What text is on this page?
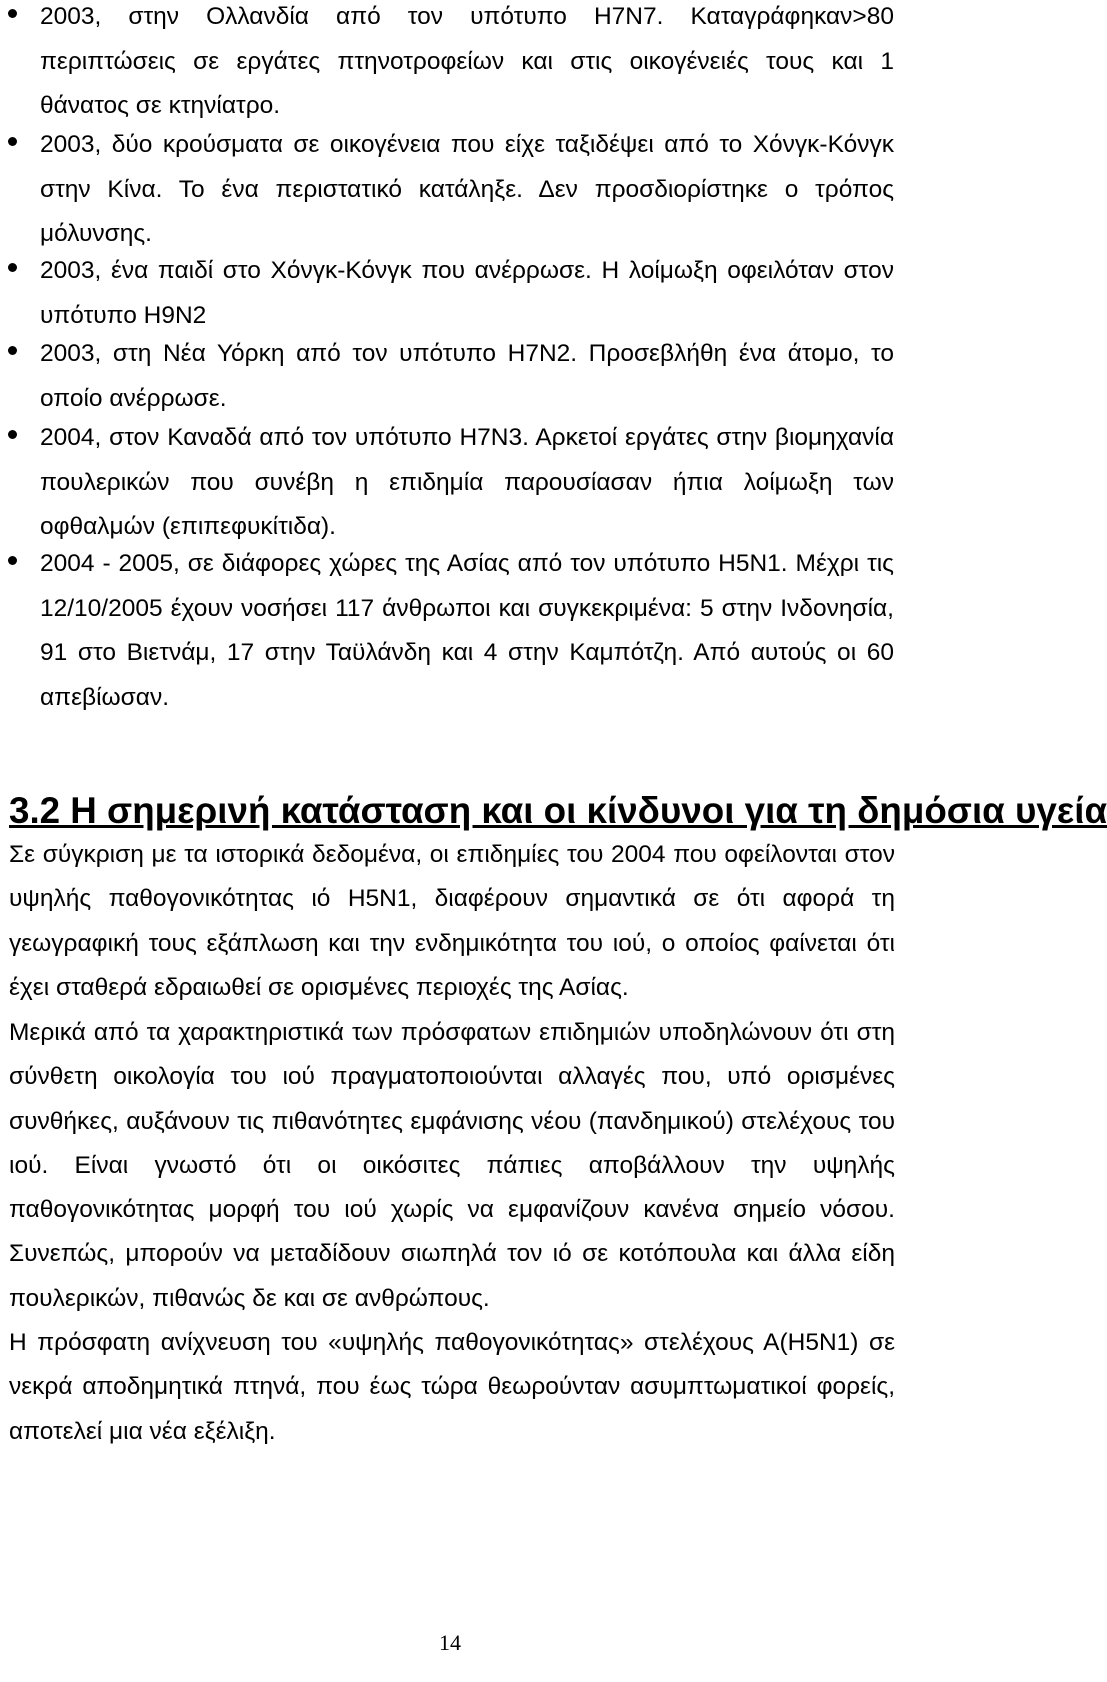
2003, στην Ολλανδία από τον υπότυπο Η7Ν7. Καταγράφηκαν>80 περιπτώσεις σε εργάτες πτηνοτροφείων και στις οικογένειές τους και 1 θάνατος σε κτηνίατρο.

2003, δύο κρούσματα σε οικογένεια που είχε ταξιδέψει από το Χόνγκ-Κόνγκ στην Κίνα. Το ένα περιστατικό κατάληξε. Δεν προσδιορίστηκε ο τρόπος μόλυνσης.

2003, ένα παιδί στο Χόνγκ-Κόνγκ που ανέρρωσε. Η λοίμωξη οφειλόταν στον υπότυπο Η9Ν2

2003, στη Νέα Υόρκη από τον υπότυπο Η7Ν2. Προσεβλήθη ένα άτομο, το οποίο ανέρρωσε.

2004, στον Καναδά από τον υπότυπο Η7Ν3. Αρκετοί εργάτες στην βιομηχανία πουλερικών που συνέβη η επιδημία παρουσίασαν ήπια λοίμωξη των οφθαλμών (επιπεφυκίτιδα).

2004 - 2005, σε διάφορες χώρες της Ασίας από τον υπότυπο Η5Ν1. Μέχρι τις 12/10/2005 έχουν νοσήσει 117 άνθρωποι και συγκεκριμένα: 5 στην Ινδονησία, 91 στο Βιετνάμ, 17 στην Ταϋλάνδη και 4 στην Καμπότζη. Από αυτούς οι 60 απεβίωσαν.

3.2 Η σημερινή κατάσταση και οι κίνδυνοι για τη δημόσια υγεία

Σε σύγκριση με τα ιστορικά δεδομένα, οι επιδημίες του 2004 που οφείλονται στον υψηλής παθογονικότητας ιό Η5Ν1, διαφέρουν σημαντικά σε ότι αφορά τη γεωγραφική τους εξάπλωση και την ενδημικότητα του ιού, ο οποίος φαίνεται ότι έχει σταθερά εδραιωθεί σε ορισμένες περιοχές της Ασίας.

Μερικά από τα χαρακτηριστικά των πρόσφατων επιδημιών υποδηλώνουν ότι στη σύνθετη οικολογία του ιού πραγματοποιούνται αλλαγές που, υπό ορισμένες συνθήκες, αυξάνουν τις πιθανότητες εμφάνισης νέου (πανδημικού) στελέχους του ιού. Είναι γνωστό ότι οι οικόσιτες πάπιες αποβάλλουν την υψηλής παθογονικότητας μορφή του ιού χωρίς να εμφανίζουν κανένα σημείο νόσου. Συνεπώς, μπορούν να μεταδίδουν σιωπηλά τον ιό σε κοτόπουλα και άλλα είδη πουλερικών, πιθανώς δε και σε ανθρώπους.

Η πρόσφατη ανίχνευση του «υψηλής παθογονικότητας» στελέχους Α(Η5Ν1) σε νεκρά αποδημητικά πτηνά, που έως τώρα θεωρούνταν ασυμπτωματικοί φορείς, αποτελεί μια νέα εξέλιξη.

14
